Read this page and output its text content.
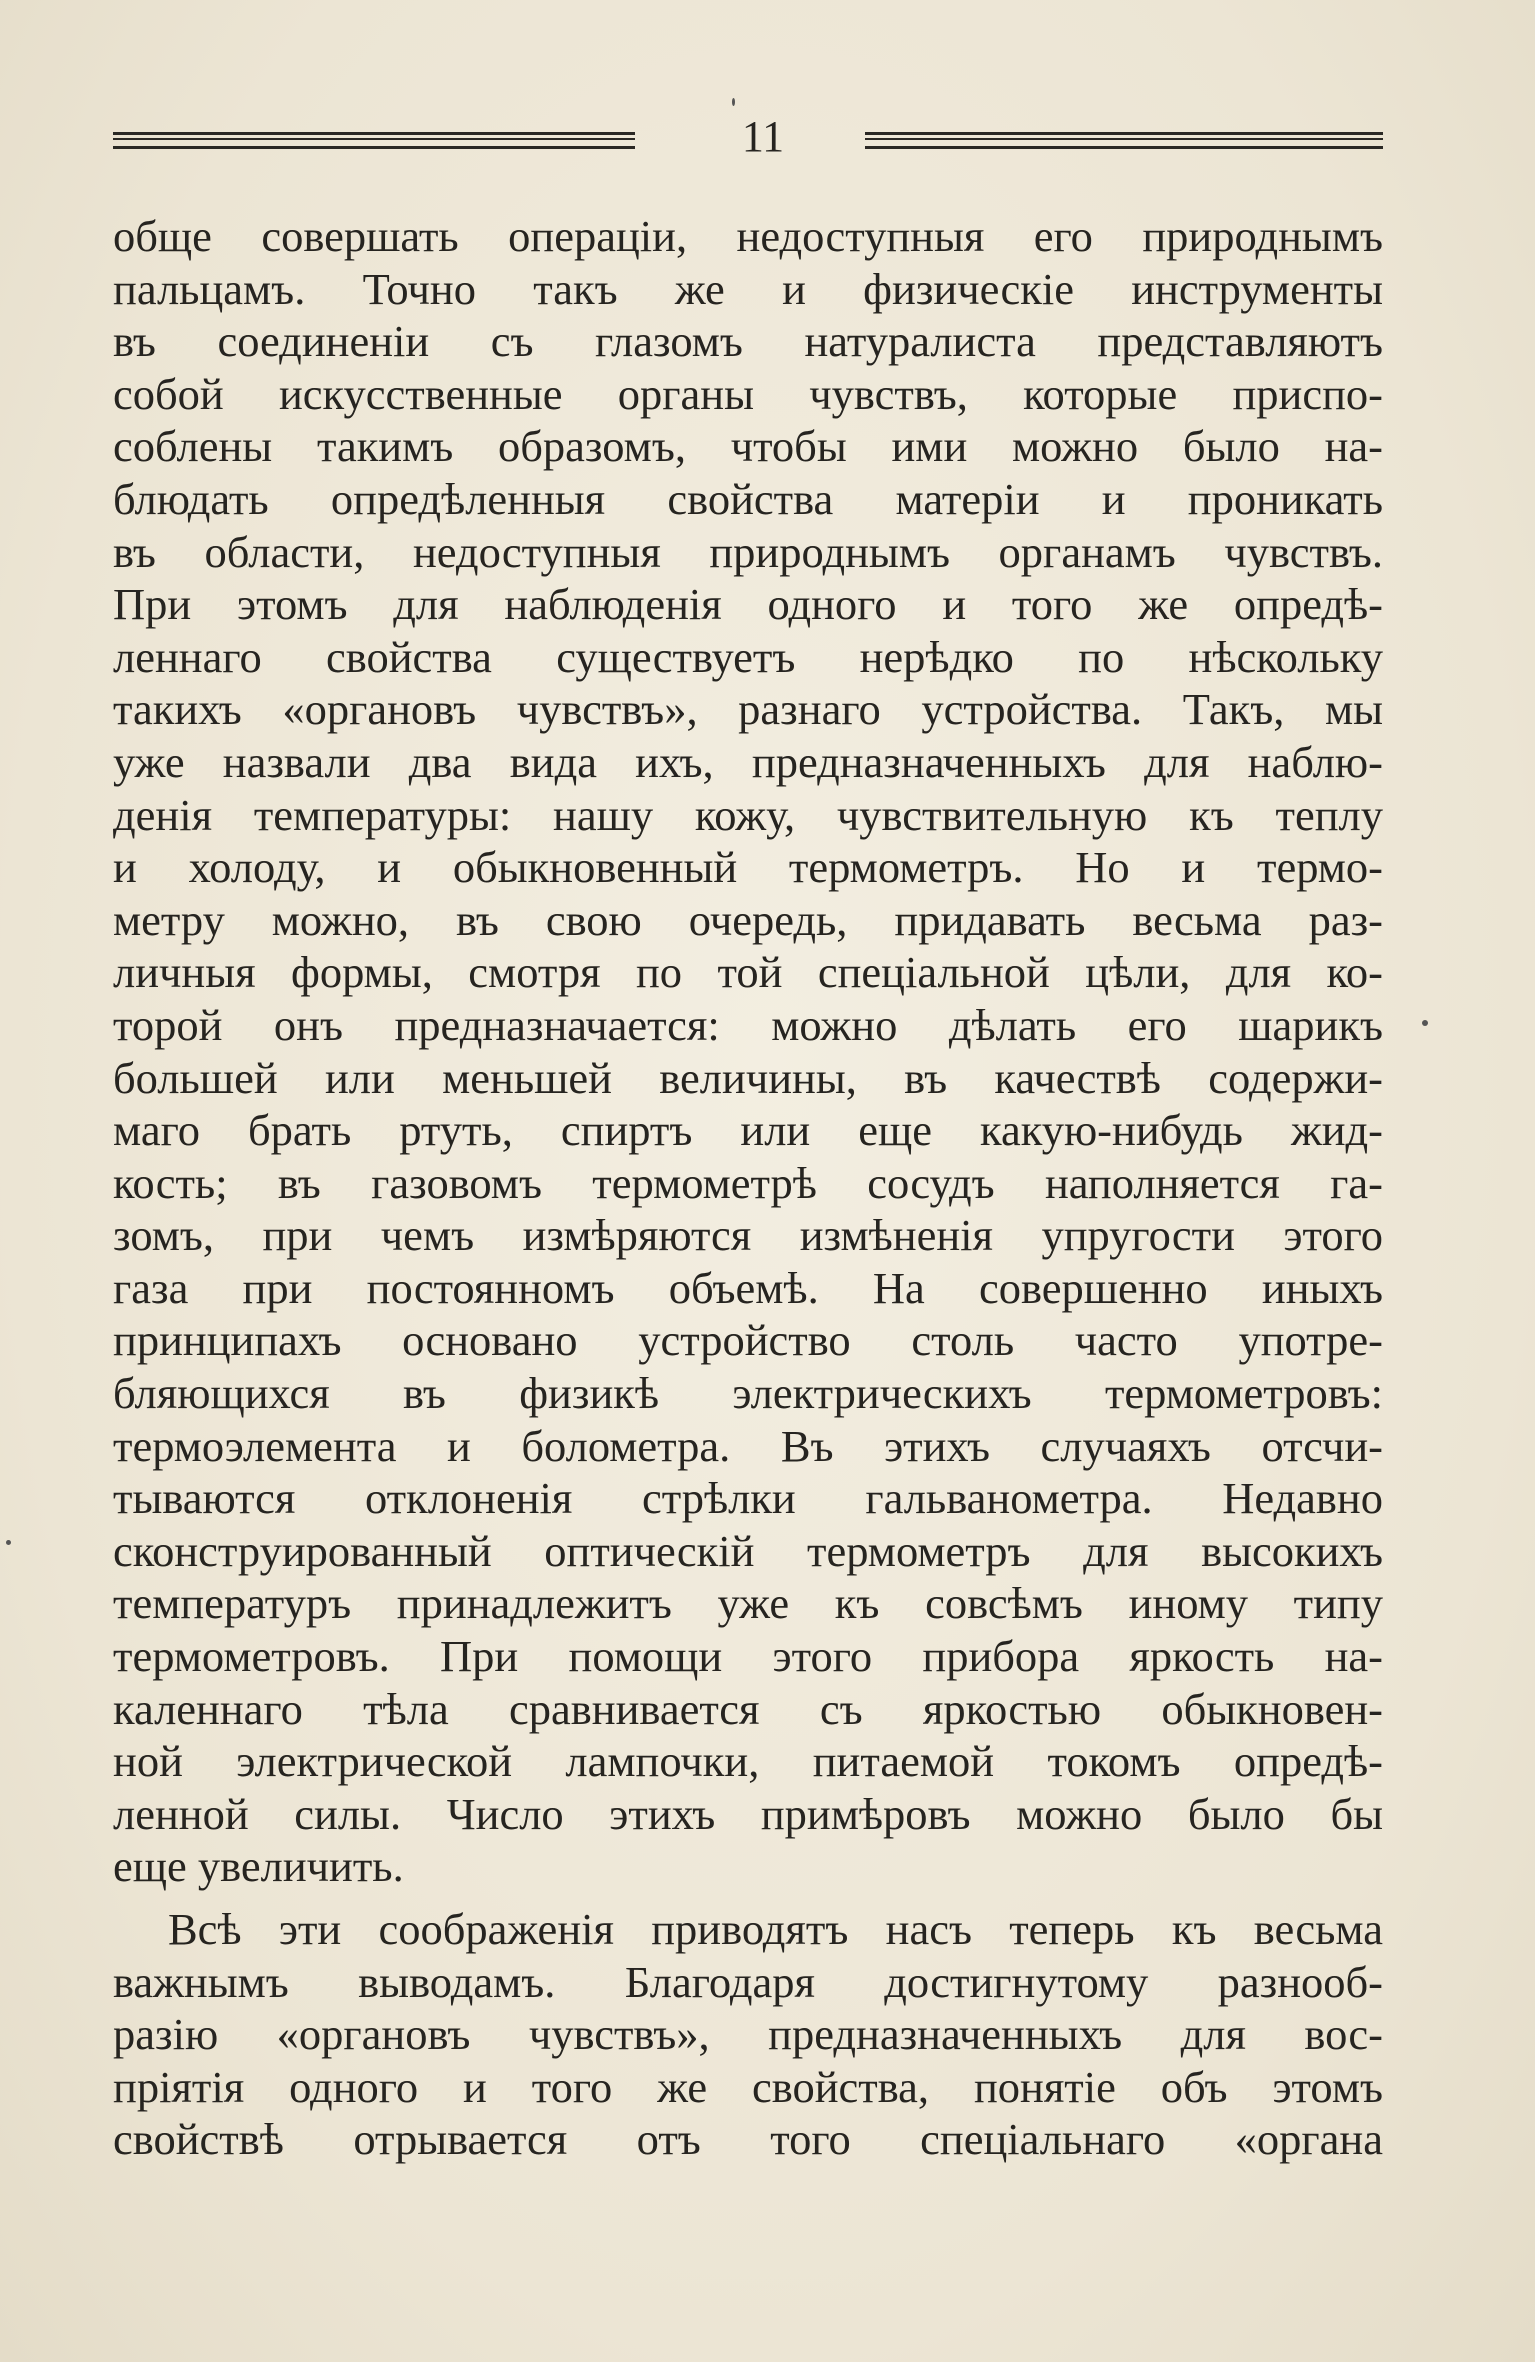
11
обще совершать операціи, недоступныя его природнымъ
пальцамъ. Точно такъ же и физическіе инструменты
въ соединеніи съ глазомъ натуралиста представляютъ
собой искусственные органы чувствъ, которые приспо-
соблены такимъ образомъ, чтобы ими можно было на-
блюдать опредѣленныя свойства матеріи и проникать
въ области, недоступныя природнымъ органамъ чувствъ.
При этомъ для наблюденія одного и того же опредѣ-
леннаго свойства существуетъ нерѣдко по нѣскольку
такихъ «органовъ чувствъ», разнаго устройства. Такъ, мы
уже назвали два вида ихъ, предназначенныхъ для наблю-
денія температуры: нашу кожу, чувствительную къ теплу
и холоду, и обыкновенный термометръ. Но и термо-
метру можно, въ свою очередь, придавать весьма раз-
личныя формы, смотря по той спеціальной цѣли, для ко-
торой онъ предназначается: можно дѣлать его шарикъ
большей или меньшей величины, въ качествѣ содержи-
маго брать ртуть, спиртъ или еще какую-нибудь жид-
кость; въ газовомъ термометрѣ сосудъ наполняется га-
зомъ, при чемъ измѣряются измѣненія упругости этого
газа при постоянномъ объемѣ. На совершенно иныхъ
принципахъ основано устройство столь часто употре-
бляющихся въ физикѣ электрическихъ термометровъ:
термоэлемента и болометра. Въ этихъ случаяхъ отсчи-
тываются отклоненія стрѣлки гальванометра. Недавно
сконструированный оптическій термометръ для высокихъ
температуръ принадлежитъ уже къ совсѣмъ иному типу
термометровъ. При помощи этого прибора яркость на-
каленнаго тѣла сравнивается съ яркостью обыкновен-
ной электрической лампочки, питаемой токомъ опредѣ-
ленной силы. Число этихъ примѣровъ можно было бы
еще увеличить.
Всѣ эти соображенія приводятъ насъ теперь къ весьма
важнымъ выводамъ. Благодаря достигнутому разнооб-
разію «органовъ чувствъ», предназначенныхъ для вос-
пріятія одного и того же свойства, понятіе объ этомъ
свойствѣ отрывается отъ того спеціальнаго «органа
